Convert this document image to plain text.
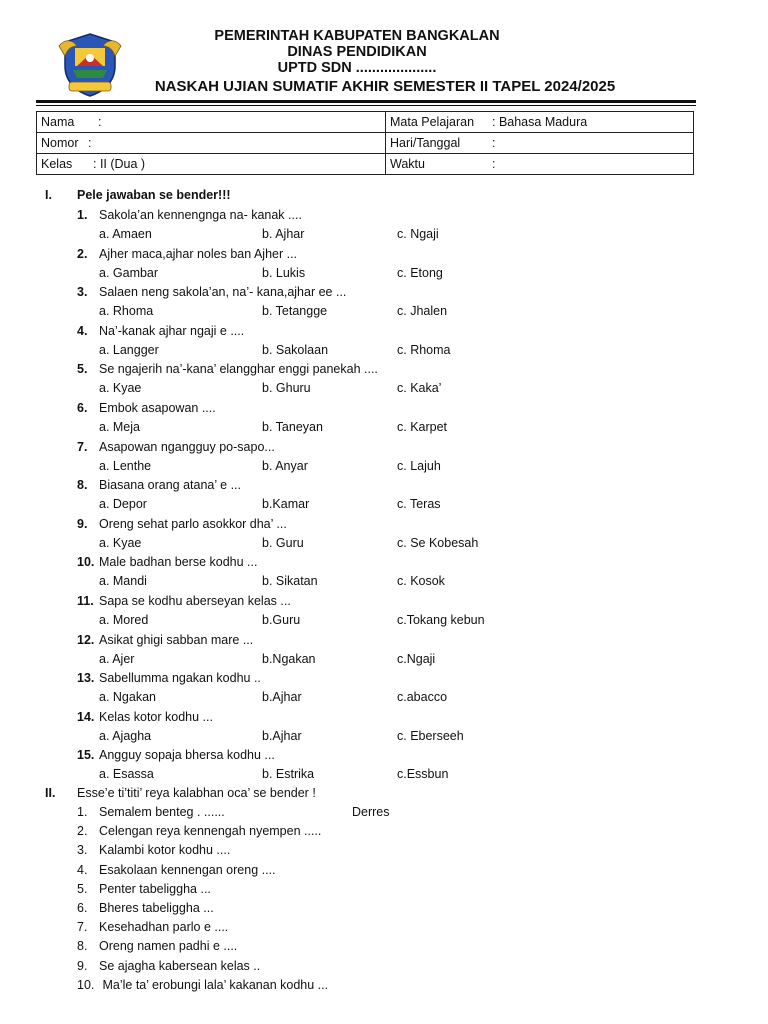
PEMERINTAH KABUPATEN BANGKALAN
DINAS PENDIDIKAN
UPTD SDN ....................
NASKAH UJIAN SUMATIF AKHIR SEMESTER II TAPEL 2024/2025
Nama :	Mata Pelajaran : Bahasa Madura
Nomor :	Hari/Tanggal :
Kelas : II (Dua )	Waktu :
I. Pele jawaban se bender!!!
1. Sakola’an kennengnga na- kanak ....
a. Amaen	b. Ajhar	c. Ngaji
2. Ajher maca,ajhar noles ban Ajher ...
a. Gambar	b. Lukis	c. Etong
3. Salaen neng sakola’an, na’- kana,ajhar ee ...
a. Rhoma	b. Tetangge	c. Jhalen
4. Na’-kanak ajhar ngaji e ....
a. Langger	b. Sakolaan	c. Rhoma
5. Se ngajerih na’-kana’ elangghar enggi panekah ....
a. Kyae	b. Ghuru	c. Kaka’
6. Embok asapowan ....
a. Meja	b. Taneyan	c. Karpet
7. Asapowan ngangguy po-sapo...
a. Lenthe	b. Anyar	c. Lajuh
8. Biasana orang atana’ e ...
a. Depor	b.Kamar	c. Teras
9. Oreng sehat parlo asokkor dha’ ...
a. Kyae	b. Guru	c. Se Kobesah
10. Male badhan berse kodhu ...
a. Mandi	b. Sikatan	c. Kosok
11. Sapa se kodhu aberseyan kelas ...
a. Mored	b.Guru	c.Tokang kebun
12. Asikat ghigi sabban mare ...
a. Ajer	b.Ngakan	c.Ngaji
13. Sabellumma ngakan kodhu ..
a. Ngakan	b.Ajhar	c.abacco
14. Kelas kotor kodhu ...
a. Ajagha	b.Ajhar	c. Eberseeh
15. Angguy sopaja bhersa kodhu ...
a. Esassa	b. Estrika	c.Essbun
II. Esse’e ti’titi’ reya kalabhan oca’ se bender !
Derres
1. Semalem benteg . ......
2. Celengan reya kennengah nyempen .....
3. Kalambi kotor kodhu ....
4. Esakolaan kennengan oreng ....
5. Penter tabeliggha ...
6. Bheres tabeliggha ...
7. Kesehadhan parlo e ....
8. Oreng namen padhi e ....
9. Se ajagha kabersean kelas ..
10. Ma’le ta’ erobungi lala’ kakanan kodhu ...
